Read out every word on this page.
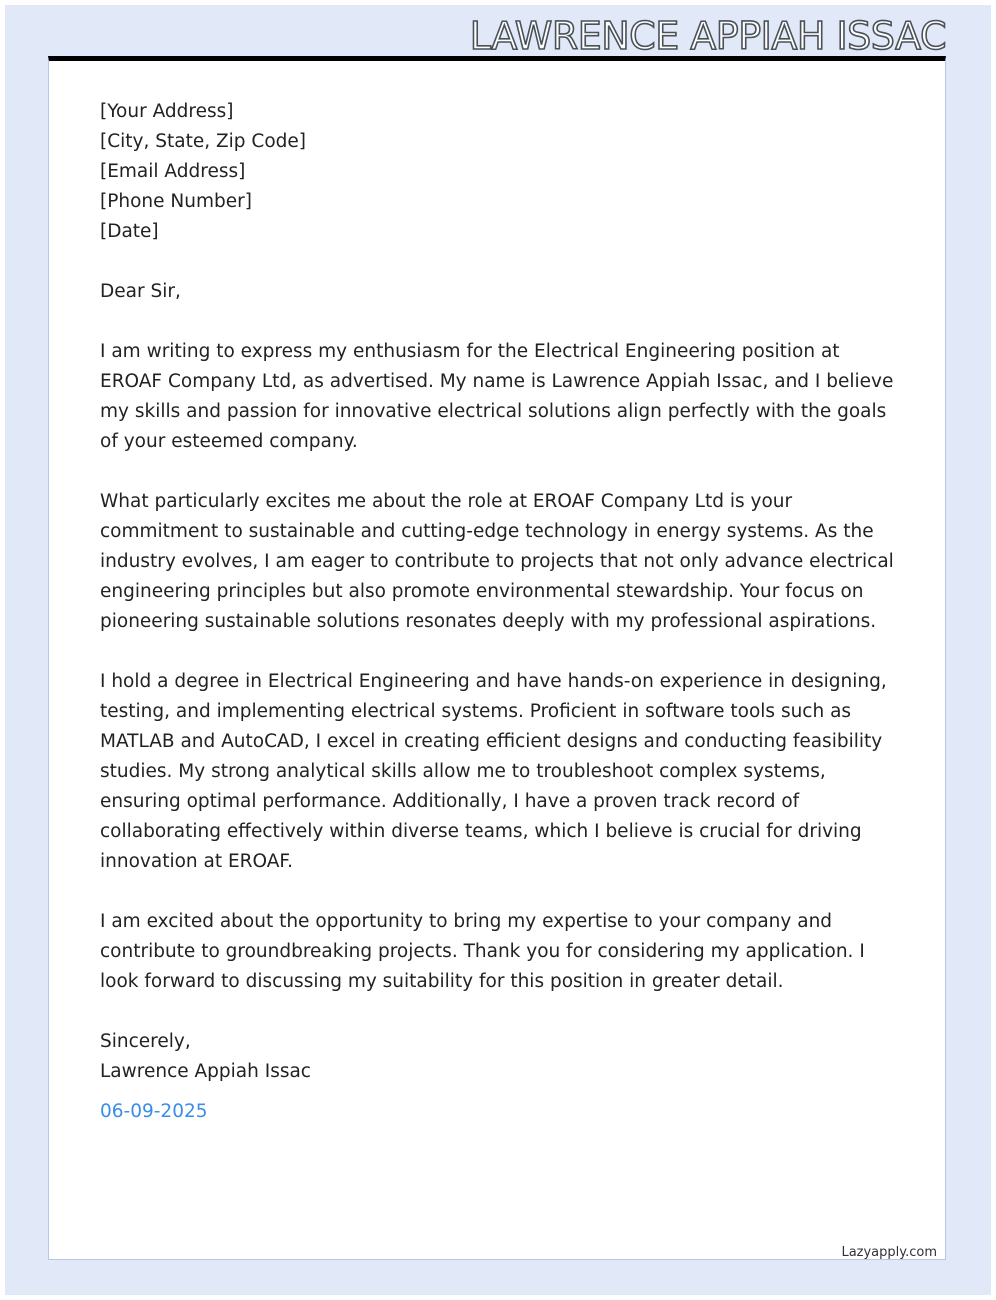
LAWRENCE APPIAH ISSAC
[Your Address]
[City, State, Zip Code]
[Email Address]
[Phone Number]
[Date]

Dear Sir,

I am writing to express my enthusiasm for the Electrical Engineering position at EROAF Company Ltd, as advertised. My name is Lawrence Appiah Issac, and I believe my skills and passion for innovative electrical solutions align perfectly with the goals of your esteemed company.

What particularly excites me about the role at EROAF Company Ltd is your commitment to sustainable and cutting-edge technology in energy systems. As the industry evolves, I am eager to contribute to projects that not only advance electrical engineering principles but also promote environmental stewardship. Your focus on pioneering sustainable solutions resonates deeply with my professional aspirations.

I hold a degree in Electrical Engineering and have hands-on experience in designing, testing, and implementing electrical systems. Proficient in software tools such as MATLAB and AutoCAD, I excel in creating efficient designs and conducting feasibility studies. My strong analytical skills allow me to troubleshoot complex systems, ensuring optimal performance. Additionally, I have a proven track record of collaborating effectively within diverse teams, which I believe is crucial for driving innovation at EROAF.

I am excited about the opportunity to bring my expertise to your company and contribute to groundbreaking projects. Thank you for considering my application. I look forward to discussing my suitability for this position in greater detail.

Sincerely,
Lawrence Appiah Issac
06-09-2025
Lazyapply.com
